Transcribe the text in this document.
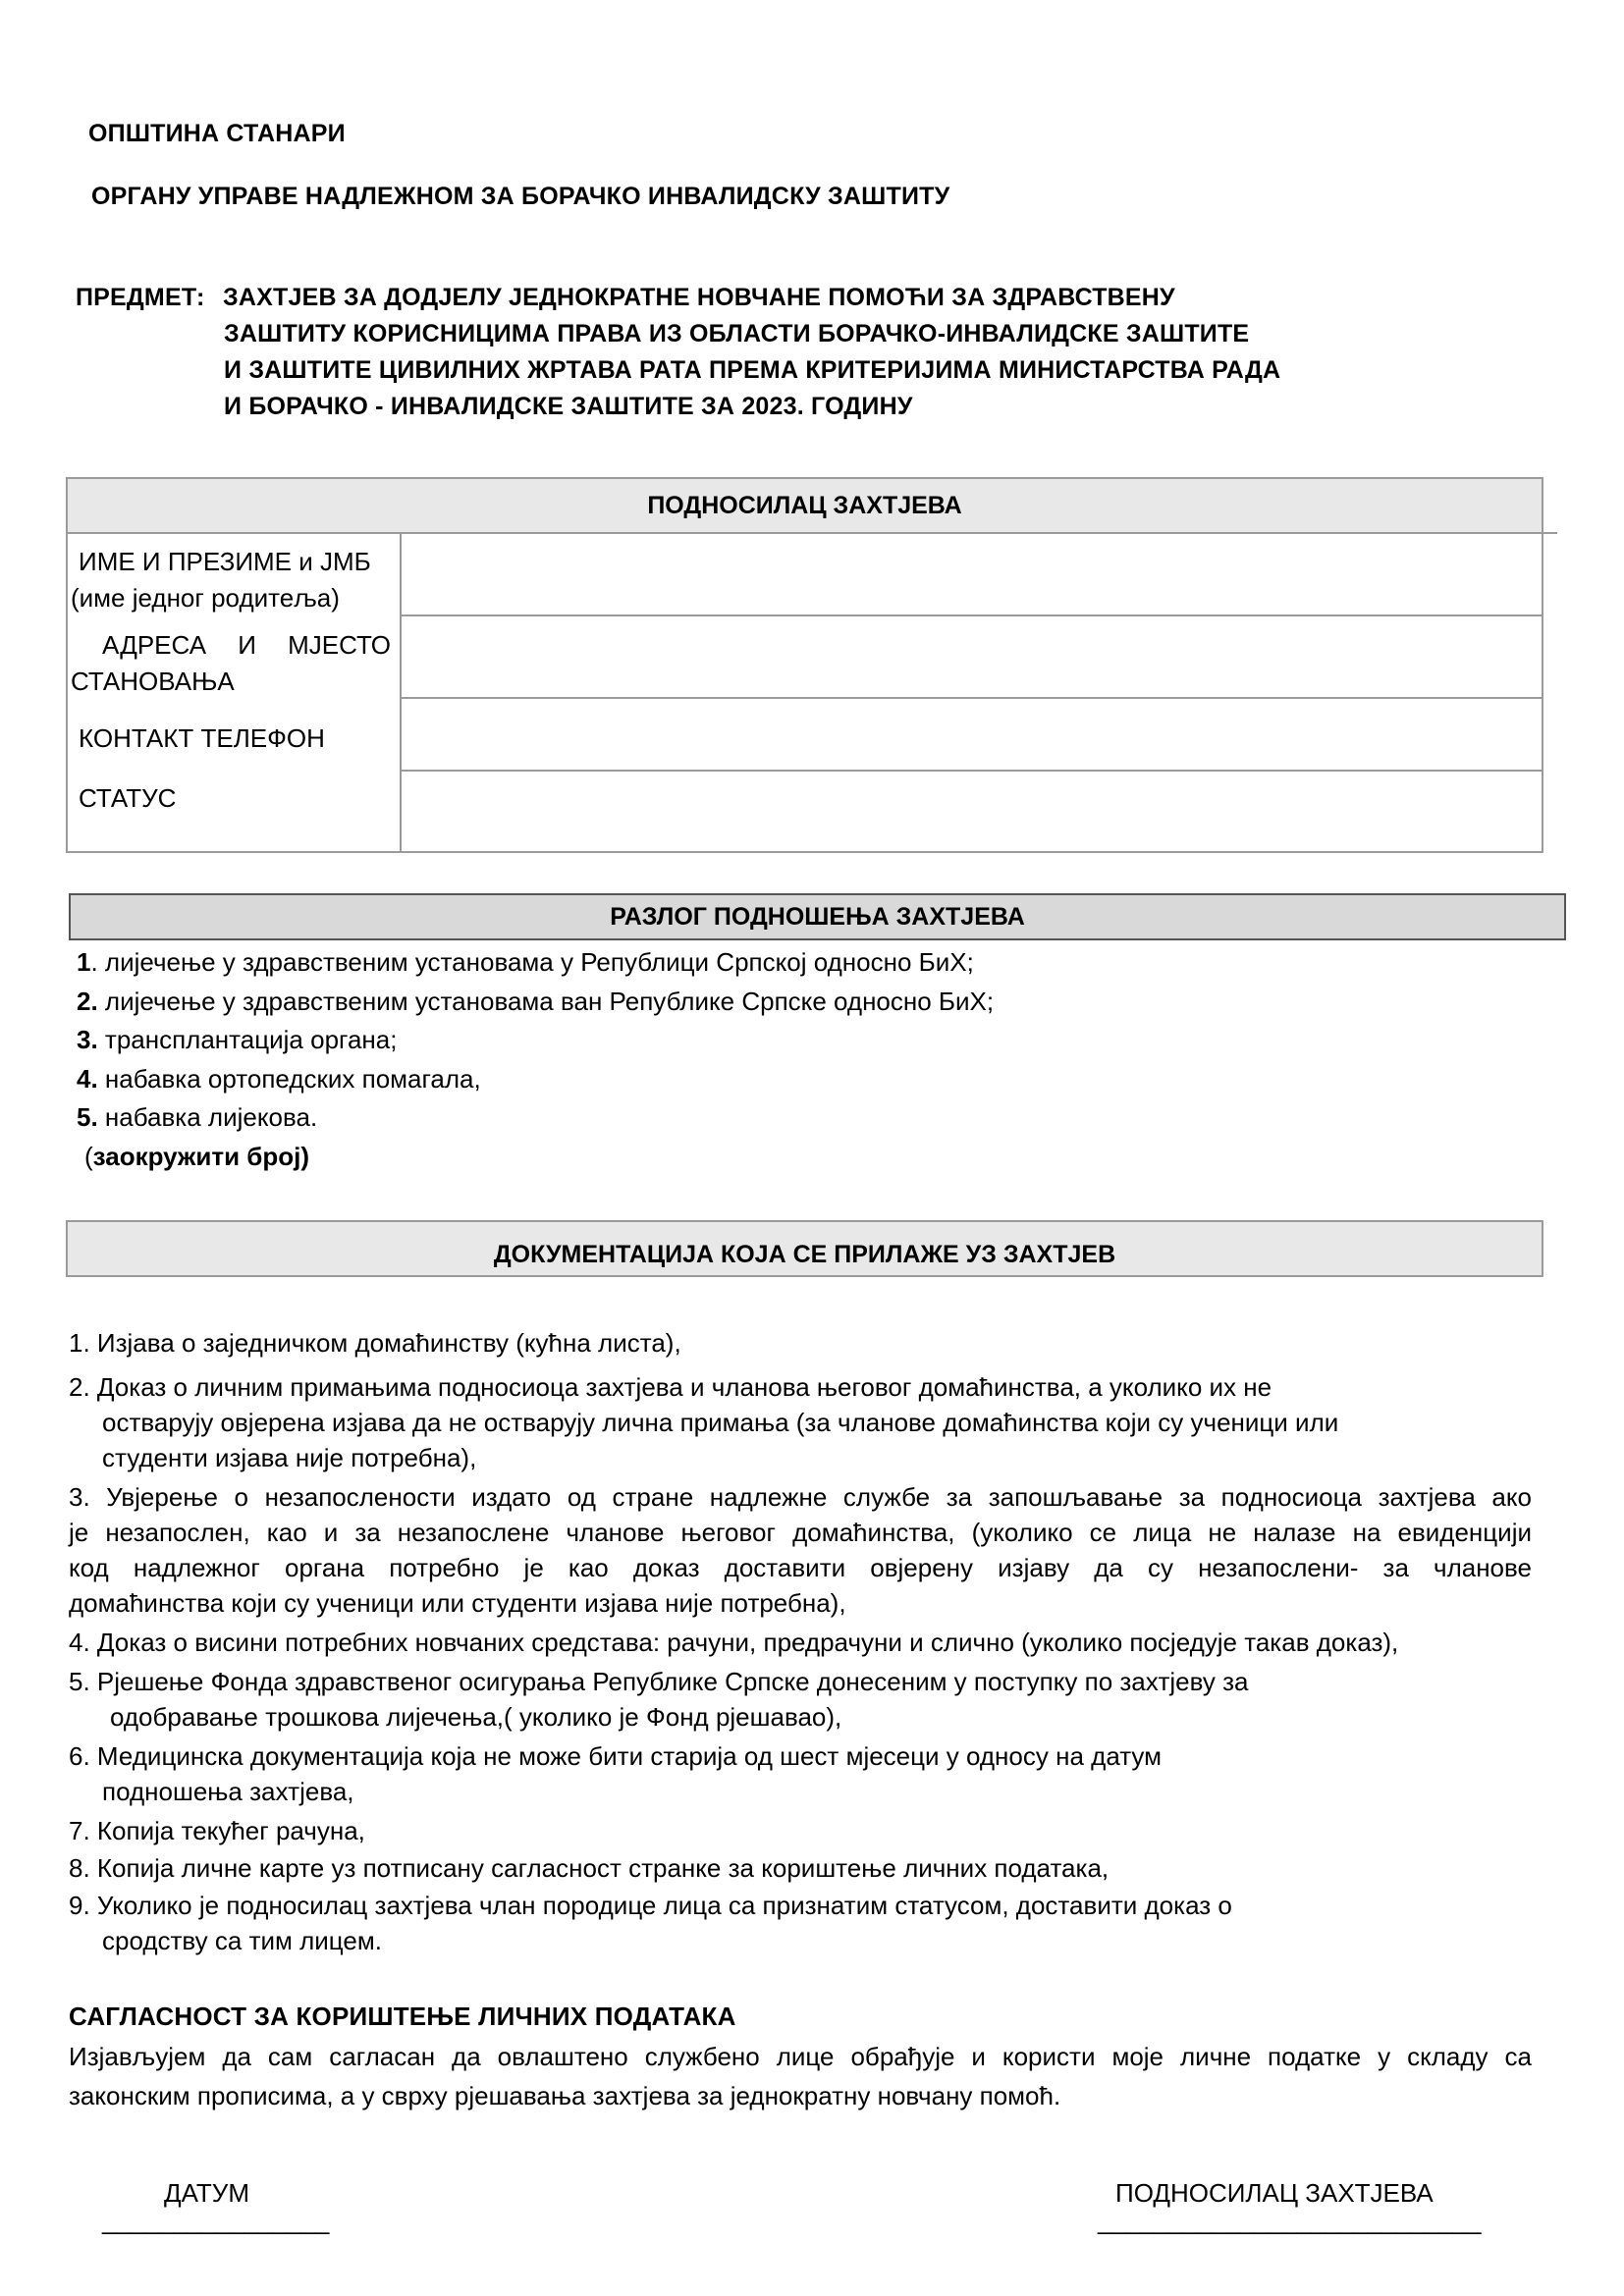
ОПШТИНА СТАНАРИ
ОРГАНУ УПРАВЕ НАДЛЕЖНОМ ЗА БОРАЧКО ИНВАЛИДСКУ ЗАШТИТУ
ПРЕДМЕТ: ЗАХТЈЕВ ЗА ДОДЈЕЛУ ЈЕДНОКРАТНЕ НОВЧАНЕ ПОМОЋИ ЗА ЗДРАВСТВЕНУ
ЗАШТИТУ КОРИСНИЦИМА ПРАВА ИЗ ОБЛАСТИ БОРАЧКО-ИНВАЛИДСКЕ ЗАШТИТЕ
И ЗАШТИТЕ ЦИВИЛНИХ ЖРТАВА РАТА ПРЕМА КРИТЕРИЈИМА МИНИСТАРСТВА РАДА
И БОРАЧКО - ИНВАЛИДСКЕ ЗАШТИТЕ ЗА 2023. ГОДИНУ
ПОДНОСИЛАЦ ЗАХТЈЕВА
ИМЕ И ПРЕЗИМЕ и ЈМБ
(име једног родитеља)
АДРЕСА И МЈЕСТО
СТАНОВАЊА
КОНТАКТ ТЕЛЕФОН
СТАТУС
РАЗЛОГ ПОДНОШЕЊА ЗАХТЈЕВА
1. лијечење у здравственим установама у Републици Српској односно БиХ;
2. лијечење у здравственим установама ван Републике Српске односно БиХ;
3. трансплантација органа;
4. набавка ортопедских помагала,
5. набавка лијекова.
(заокружити број)
ДОКУМЕНТАЦИЈА КОЈА СЕ ПРИЛАЖЕ УЗ ЗАХТЈЕВ
1. Изјава о заједничком домаћинству (кућна листа),
2. Доказ о личним примањима подносиоца захтјева и чланова његовог домаћинства, а уколико их не
остварују овјерена изјава да не остварују лична примања (за чланове домаћинства који су ученици или
студенти изјава није потребна),
3. Увјерење о незапослености издато од стране надлежне службе за запошљавање за подносиоца захтјева ако
је незапослен, као и за незапослене чланове његовог домаћинства, (уколико се лица не налазе на евиденцији
код надлежног органа потребно је као доказ доставити овјерену изјаву да су незапослени- за чланове
домаћинства који су ученици или студенти изјава није потребна),
4. Доказ о висини потребних новчаних средстава: рачуни, предрачуни и слично (уколико посједује такав доказ),
5. Рјешење Фонда здравственог осигурања Републике Српске донесеним у поступку по захтјеву за
одобравање трошкова лијечења,( уколико је Фонд рјешавао),
6. Медицинска документација која не може бити старија од шест мјесеци у односу на датум
подношења захтјева,
7. Копија текућег рачуна,
8. Копија личне карте уз потписану сагласност странке за кориштење личних података,
9. Уколико је подносилац захтјева члан породице лица са признатим статусом, доставити доказ о
сродству са тим лицем.
САГЛАСНОСТ ЗА КОРИШТЕЊЕ ЛИЧНИХ ПОДАТАКА
Изјављујем да сам сагласан да овлаштено службено лице обрађује и користи моје личне податке у складу са
законским прописима, а у сврху рјешавања захтјева за једнократну новчану помоћ.
ДАТУМ
________________
ПОДНОСИЛАЦ ЗАХТЈЕВА
___________________________
